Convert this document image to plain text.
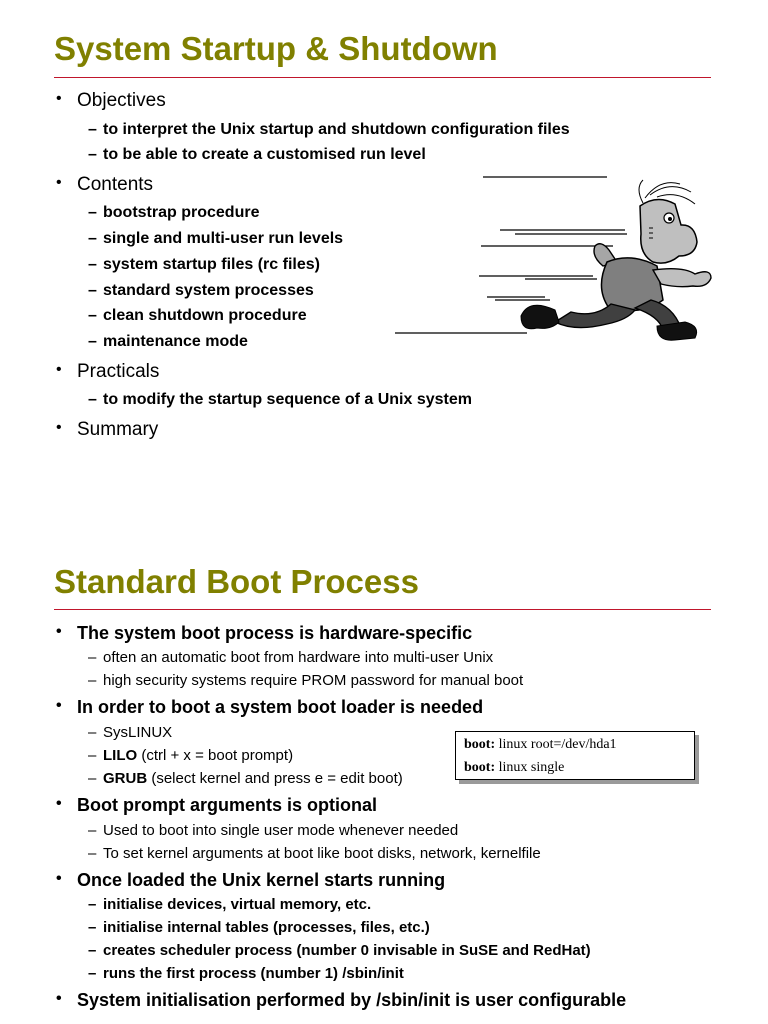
System Startup & Shutdown
• Objectives
– to interpret the Unix startup and shutdown configuration files
– to be able to create a customised run level
• Contents
– bootstrap procedure
– single and multi-user run levels
– system startup files (rc files)
– standard system processes
– clean shutdown procedure
– maintenance mode
• Practicals
– to modify the startup sequence of a Unix system
• Summary
Standard Boot Process
• The system boot process is hardware-specific
– often an automatic boot from hardware into multi-user Unix
– high security systems require PROM password for manual boot
• In order to boot a system boot loader is needed
– SysLINUX
– LILO (ctrl + x = boot prompt)
– GRUB (select kernel and press e = edit boot)
• Boot prompt arguments is optional
– Used to boot into single user mode whenever needed
– To set kernel arguments at boot like boot disks, network, kernelfile
• Once loaded the Unix kernel starts running
– initialise devices, virtual memory, etc.
– initialise internal tables (processes, files, etc.)
– creates scheduler process (number 0 invisable in SuSE and RedHat)
– runs the first process (number 1) /sbin/init
• System initialisation performed by /sbin/init is user configurable
boot: linux root=/dev/hda1
boot: linux single
